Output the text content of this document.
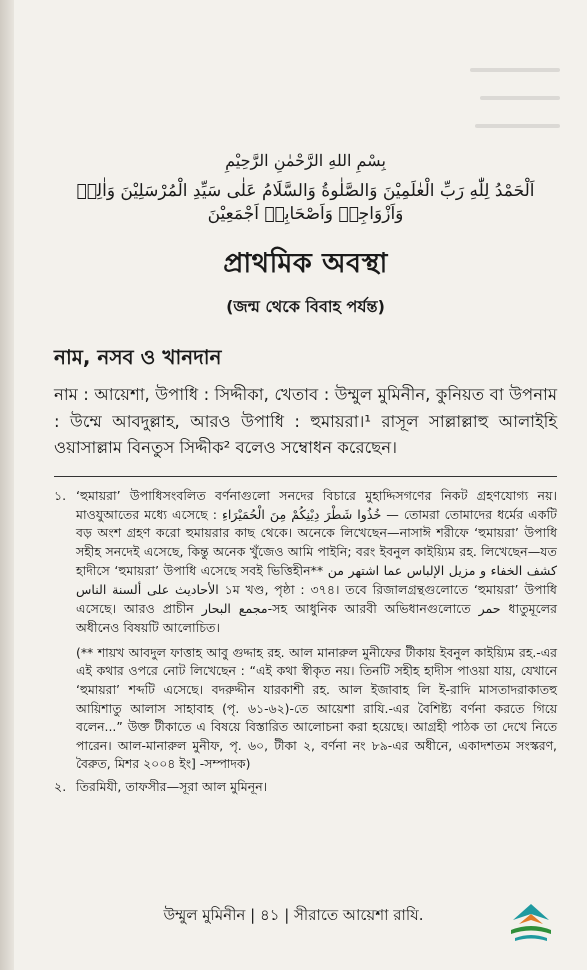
بِسْمِ اللهِ الرَّحْمٰنِ الرَّحِيْمِ
اَلْحَمْدُ لِلّٰهِ رَبِّ الْعٰلَمِيْنَ وَالصَّلٰوةُ وَالسَّلَامُ عَلٰى سَيِّدِ الْمُرْسَلِيْنَ وَاٰلِهٖ وَاَزْوَاجِهٖ وَاَصْحَابِهٖ اَجْمَعِيْنَ
প্রাথমিক অবস্থা
(জন্ম থেকে বিবাহ পর্যন্ত)
নাম, নসব ও খানদান
নাম : আয়েশা, উপাধি : সিদ্দীকা, খেতাব : উম্মুল মুমিনীন, কুনিয়ত বা উপনাম : উম্মে আবদুল্লাহ, আরও উপাধি : হুমায়রা।¹ রাসূল সাল্লাল্লাহু আলাইহি ওয়াসাল্লাম বিনতুস সিদ্দীক² বলেও সম্বোধন করেছেন।
১. ‘হুমায়রা’ উপাধিসংবলিত বর্ণনাগুলো সনদের বিচারে মুহাদ্দিসগণের নিকট গ্রহণযোগ্য নয়। মাওযুআতের মধ্যে এসেছে : خُذُوا شَطْرَ دِيْنِكُمْ مِنَ الْحُمَيْرَاءِ — তোমরা তোমাদের ধর্মের একটি বড় অংশ গ্রহণ করো হুমায়রার কাছ থেকে। অনেকে লিখেছেন—নাসাঈ শরীফে ‘হুমায়রা’ উপাধি সহীহ সনদেই এসেছে, কিন্তু অনেক খুঁজেও আমি পাইনি; বরং ইবনুল কাইয়্যিম রহ. লিখেছেন—যত হাদীসে ‘হুমায়রা’ উপাধি এসেছে সবই ভিত্তিহীন** کشف الخفاء و مزیل الإلباس عما اشتهر من الأحادیث علی ألسنة الناس ১ম খণ্ড, পৃষ্ঠা : ৩৭৪। তবে রিজালগ্রন্থগুলোতে ‘হুমায়রা’ উপাধি এসেছে। আরও প্রাচীন مجمع البحار-সহ আধুনিক আরবী অভিধানগুলোতে حمر ধাতুমূলের অধীনেও বিষয়টি আলোচিত।
(** শায়খ আবদুল ফাত্তাহ আবু গুদ্দাহ রহ. আল মানারুল মুনীফের টীকায় ইবনুল কাইয়্যিম রহ.-এর এই কথার ওপরে নোট লিখেছেন : “এই কথা স্বীকৃত নয়। তিনটি সহীহ হাদীস পাওয়া যায়, যেখানে ‘হুমায়রা’ শব্দটি এসেছে। বদরুদ্দীন যারকাশী রহ. আল ইজাবাহ লি ই-রাদি মাসতাদরাকাতহু আয়িশাতু আলাস সাহাবাহ (পৃ. ৬১-৬২)-তে আয়েশা রাযি.-এর বৈশিষ্ট্য বর্ণনা করতে গিয়ে বলেন...” উক্ত টীকাতে এ বিষয়ে বিস্তারিত আলোচনা করা হয়েছে। আগ্রহী পাঠক তা দেখে নিতে পারেন। আল-মানারুল মুনীফ, পৃ. ৬০, টীকা ২, বর্ণনা নং ৮৯-এর অধীনে, একাদশতম সংস্করণ, বৈরুত, মিশর ২০০৪ ইং] -সম্পাদক)
২. তিরমিযী, তাফসীর—সূরা আল মুমিনূন।
উম্মুল মুমিনীন | ৪১ | সীরাতে আয়েশা রাযি.
